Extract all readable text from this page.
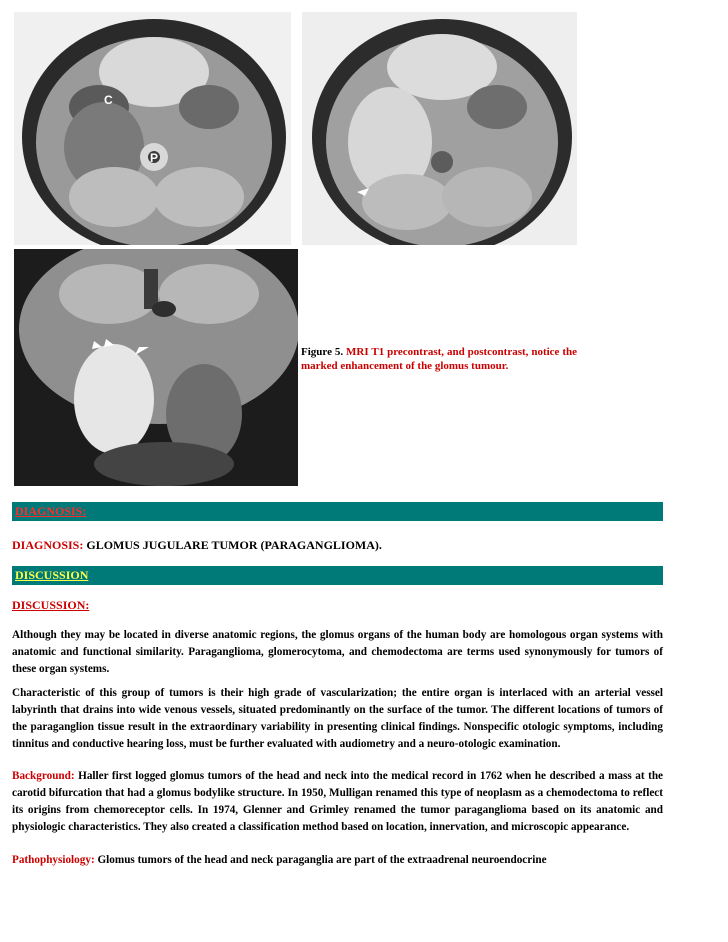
C
P
Figure 5. MRI T1 precontrast, and postcontrast, notice the marked enhancement of the glomus tumour.
DIAGNOSIS:
DIAGNOSIS: GLOMUS JUGULARE TUMOR (PARAGANGLIOMA).
DISCUSSION
DISCUSSION:
Although they may be located in diverse anatomic regions, the glomus organs of the human body are homologous organ systems with anatomic and functional similarity. Paraganglioma, glomerocytoma, and chemodectoma are terms used synonymously for tumors of these organ systems.
Characteristic of this group of tumors is their high grade of vascularization; the entire organ is interlaced with an arterial vessel labyrinth that drains into wide venous vessels, situated predominantly on the surface of the tumor. The different locations of tumors of the paraganglion tissue result in the extraordinary variability in presenting clinical findings. Nonspecific otologic symptoms, including tinnitus and conductive hearing loss, must be further evaluated with audiometry and a neuro-otologic examination.
Background: Haller first logged glomus tumors of the head and neck into the medical record in 1762 when he described a mass at the carotid bifurcation that had a glomus bodylike structure. In 1950, Mulligan renamed this type of neoplasm as a chemodectoma to reflect its origins from chemoreceptor cells. In 1974, Glenner and Grimley renamed the tumor paraganglioma based on its anatomic and physiologic characteristics. They also created a classification method based on location, innervation, and microscopic appearance.
Pathophysiology: Glomus tumors of the head and neck paraganglia are part of the extraadrenal neuroendocrine
